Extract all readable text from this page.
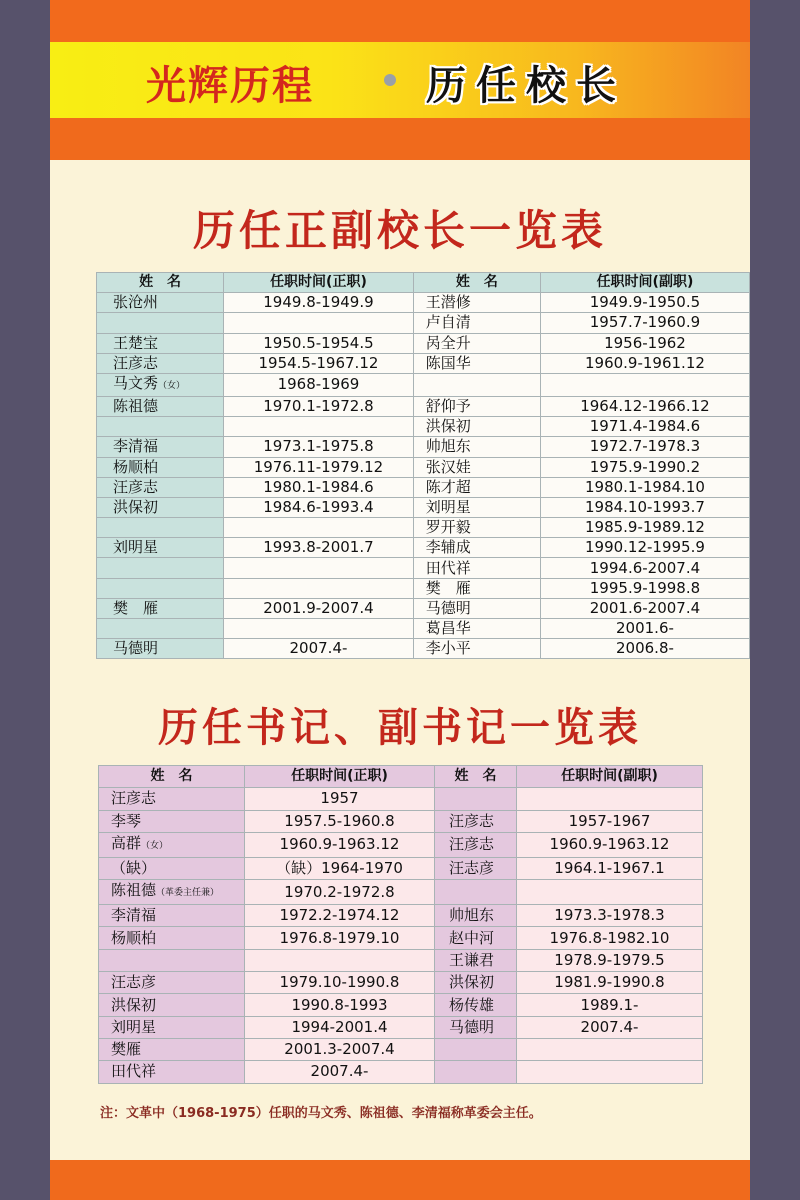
光辉历程	历任校长
历任正副校长一览表
姓　名	任职时间(正职)	姓　名	任职时间(副职)
张沧州	1949.8-1949.9	王潜修	1949.9-1950.5
		卢自清	1957.7-1960.9
王楚宝	1950.5-1954.5	呙全升	1956-1962
汪彦志	1954.5-1967.12	陈国华	1960.9-1961.12
马文秀（女）	1968-1969		
陈祖德	1970.1-1972.8	舒仰予	1964.12-1966.12
		洪保初	1971.4-1984.6
李清福	1973.1-1975.8	帅旭东	1972.7-1978.3
杨顺柏	1976.11-1979.12	张汉娃	1975.9-1990.2
汪彦志	1980.1-1984.6	陈才超	1980.1-1984.10
洪保初	1984.6-1993.4	刘明星	1984.10-1993.7
		罗开毅	1985.9-1989.12
刘明星	1993.8-2001.7	李辅成	1990.12-1995.9
		田代祥	1994.6-2007.4
		樊　雁	1995.9-1998.8
樊　雁	2001.9-2007.4	马德明	2001.6-2007.4
		葛昌华	2001.6-
马德明	2007.4-	李小平	2006.8-
历任书记、副书记一览表
姓　名	任职时间(正职)	姓　名	任职时间(副职)
汪彦志	1957		
李琴	1957.5-1960.8	汪彦志	1957-1967
高群（女）	1960.9-1963.12	汪彦志	1960.9-1963.12
（缺）	（缺）1964-1970	汪志彦	1964.1-1967.1
陈祖德（革委主任兼）	1970.2-1972.8		
李清福	1972.2-1974.12	帅旭东	1973.3-1978.3
杨顺柏	1976.8-1979.10	赵中河	1976.8-1982.10
		王谦君	1978.9-1979.5
汪志彦	1979.10-1990.8	洪保初	1981.9-1990.8
洪保初	1990.8-1993	杨传雄	1989.1-
刘明星	1994-2001.4	马德明	2007.4-
樊雁	2001.3-2007.4		
田代祥	2007.4-		
注：文革中（1968-1975）任职的马文秀、陈祖德、李清福称革委会主任。
